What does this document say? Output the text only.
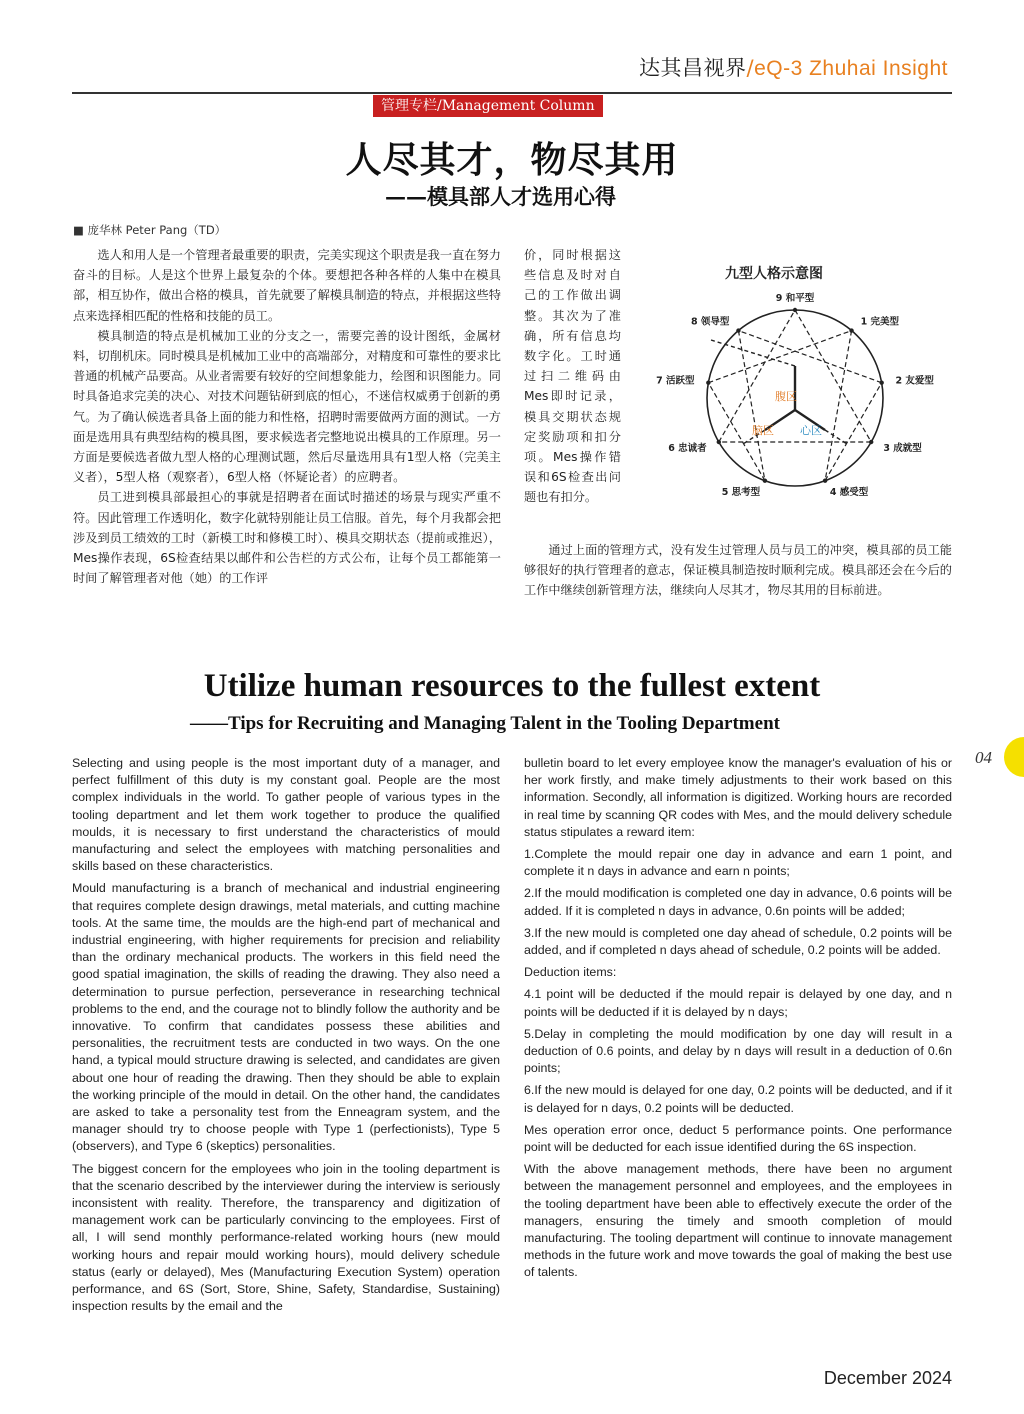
达其昌视界/eQ-3 Zhuhai Insight
管理专栏/Management Column
人尽其才，物尽其用
——模具部人才选用心得
■ 庞华林 Peter Pang（TD）

选人和用人是一个管理者最重要的职责，完美实现这个职责是我一直在努力奋斗的目标。人是这个世界上最复杂的个体。要想把各种各样的人集中在模具部，相互协作，做出合格的模具，首先就要了解模具制造的特点，并根据这些特点来选择相匹配的性格和技能的员工。

模具制造的特点是机械加工业的分支之一，需要完善的设计图纸，金属材料，切削机床。同时模具是机械加工业中的高端部分，对精度和可靠性的要求比普通的机械产品要高。从业者需要有较好的空间想象能力，绘图和识图能力。同时具备追求完美的决心、对技术问题钻研到底的恒心，不迷信权威勇于创新的勇气。为了确认候选者具备上面的能力和性格，招聘时需要做两方面的测试。一方面是选用具有典型结构的模具图，要求候选者完整地说出模具的工作原理。另一方面是要候选者做九型人格的心理测试题，然后尽量选用具有1型人格（完美主义者），5型人格（观察者），6型人格（怀疑论者）的应聘者。

员工进到模具部最担心的事就是招聘者在面试时描述的场景与现实严重不符。因此管理工作透明化，数字化就特别能让员工信服。首先，每个月我都会把涉及到员工绩效的工时（新模工时和修模工时）、模具交期状态（提前或推迟），Mes操作表现，6S检查结果以邮件和公告栏的方式公布，让每个员工都能第一时间了解管理者对他（她）的工作评

价，同时根据这些信息及时对自己的工作做出调整。其次为了准确，所有信息均数字化。工时通过扫二维码由Mes即时记录，模具交期状态规定奖励项和扣分项。Mes操作错误和6S检查出问题也有扣分。

通过上面的管理方式，没有发生过管理人员与员工的冲突，模具部的员工能够很好的执行管理者的意志，保证模具制造按时顺利完成。模具部还会在今后的工作中继续创新管理方法，继续向人尽其才，物尽其用的目标前进。

九型人格示意图
9 和平型
1 完美型
2 友爱型
3 成就型
4 感受型
5 思考型
6 忠诚者
7 活跃型
8 领导型
腹区
脑区 心区
Utilize human resources to the fullest extent
——Tips for Recruiting and Managing Talent in the Tooling Department

Selecting and using people is the most important duty of a manager, and perfect fulfillment of this duty is my constant goal. People are the most complex individuals in the world. To gather people of various types in the tooling department and let them work together to produce the qualified moulds, it is necessary to first understand the characteristics of mould manufacturing and select the employees with matching personalities and skills based on these characteristics.

Mould manufacturing is a branch of mechanical and industrial engineering that requires complete design drawings, metal materials, and cutting machine tools. At the same time, the moulds are the high-end part of mechanical and industrial engineering, with higher requirements for precision and reliability than the ordinary mechanical products. The workers in this field need the good spatial imagination, the skills of reading the drawing. They also need a determination to pursue perfection, perseverance in researching technical problems to the end, and the courage not to blindly follow the authority and be innovative. To confirm that candidates possess these abilities and personalities, the recruitment tests are conducted in two ways. On the one hand, a typical mould structure drawing is selected, and candidates are given about one hour of reading the drawing. Then they should be able to explain the working principle of the mould in detail. On the other hand, the candidates are asked to take a personality test from the Enneagram system, and the manager should try to choose people with Type 1 (perfectionists), Type 5 (observers), and Type 6 (skeptics) personalities.

The biggest concern for the employees who join in the tooling department is that the scenario described by the interviewer during the interview is seriously inconsistent with reality. Therefore, the transparency and digitization of management work can be particularly convincing to the employees. First of all, I will send monthly performance-related working hours (new mould working hours and repair mould working hours), mould delivery schedule status (early or delayed), Mes (Manufacturing Execution System) operation performance, and 6S (Sort, Store, Shine, Safety, Standardise, Sustaining) inspection results by the email and the

bulletin board to let every employee know the manager's evaluation of his or her work firstly, and make timely adjustments to their work based on this information. Secondly, all information is digitized. Working hours are recorded in real time by scanning QR codes with Mes, and the mould delivery schedule status stipulates a reward item:

1.Complete the mould repair one day in advance and earn 1 point, and complete it n days in advance and earn n points;

2.If the mould modification is completed one day in advance, 0.6 points will be added. If it is completed n days in advance, 0.6n points will be added;

3.If the new mould is completed one day ahead of schedule, 0.2 points will be added, and if completed n days ahead of schedule, 0.2 points will be added.

Deduction items:

4.1 point will be deducted if the mould repair is delayed by one day, and n points will be deducted if it is delayed by n days;

5.Delay in completing the mould modification by one day will result in a deduction of 0.6 points, and delay by n days will result in a deduction of 0.6n points;

6.If the new mould is delayed for one day, 0.2 points will be deducted, and if it is delayed for n days, 0.2 points will be deducted.

Mes operation error once, deduct 5 performance points. One performance point will be deducted for each issue identified during the 6S inspection.

With the above management methods, there have been no argument between the management personnel and employees, and the employees in the tooling department have been able to effectively execute the order of the managers, ensuring the timely and smooth completion of mould manufacturing. The tooling department will continue to innovate management methods in the future work and move towards the goal of making the best use of talents.

04
December 2024
